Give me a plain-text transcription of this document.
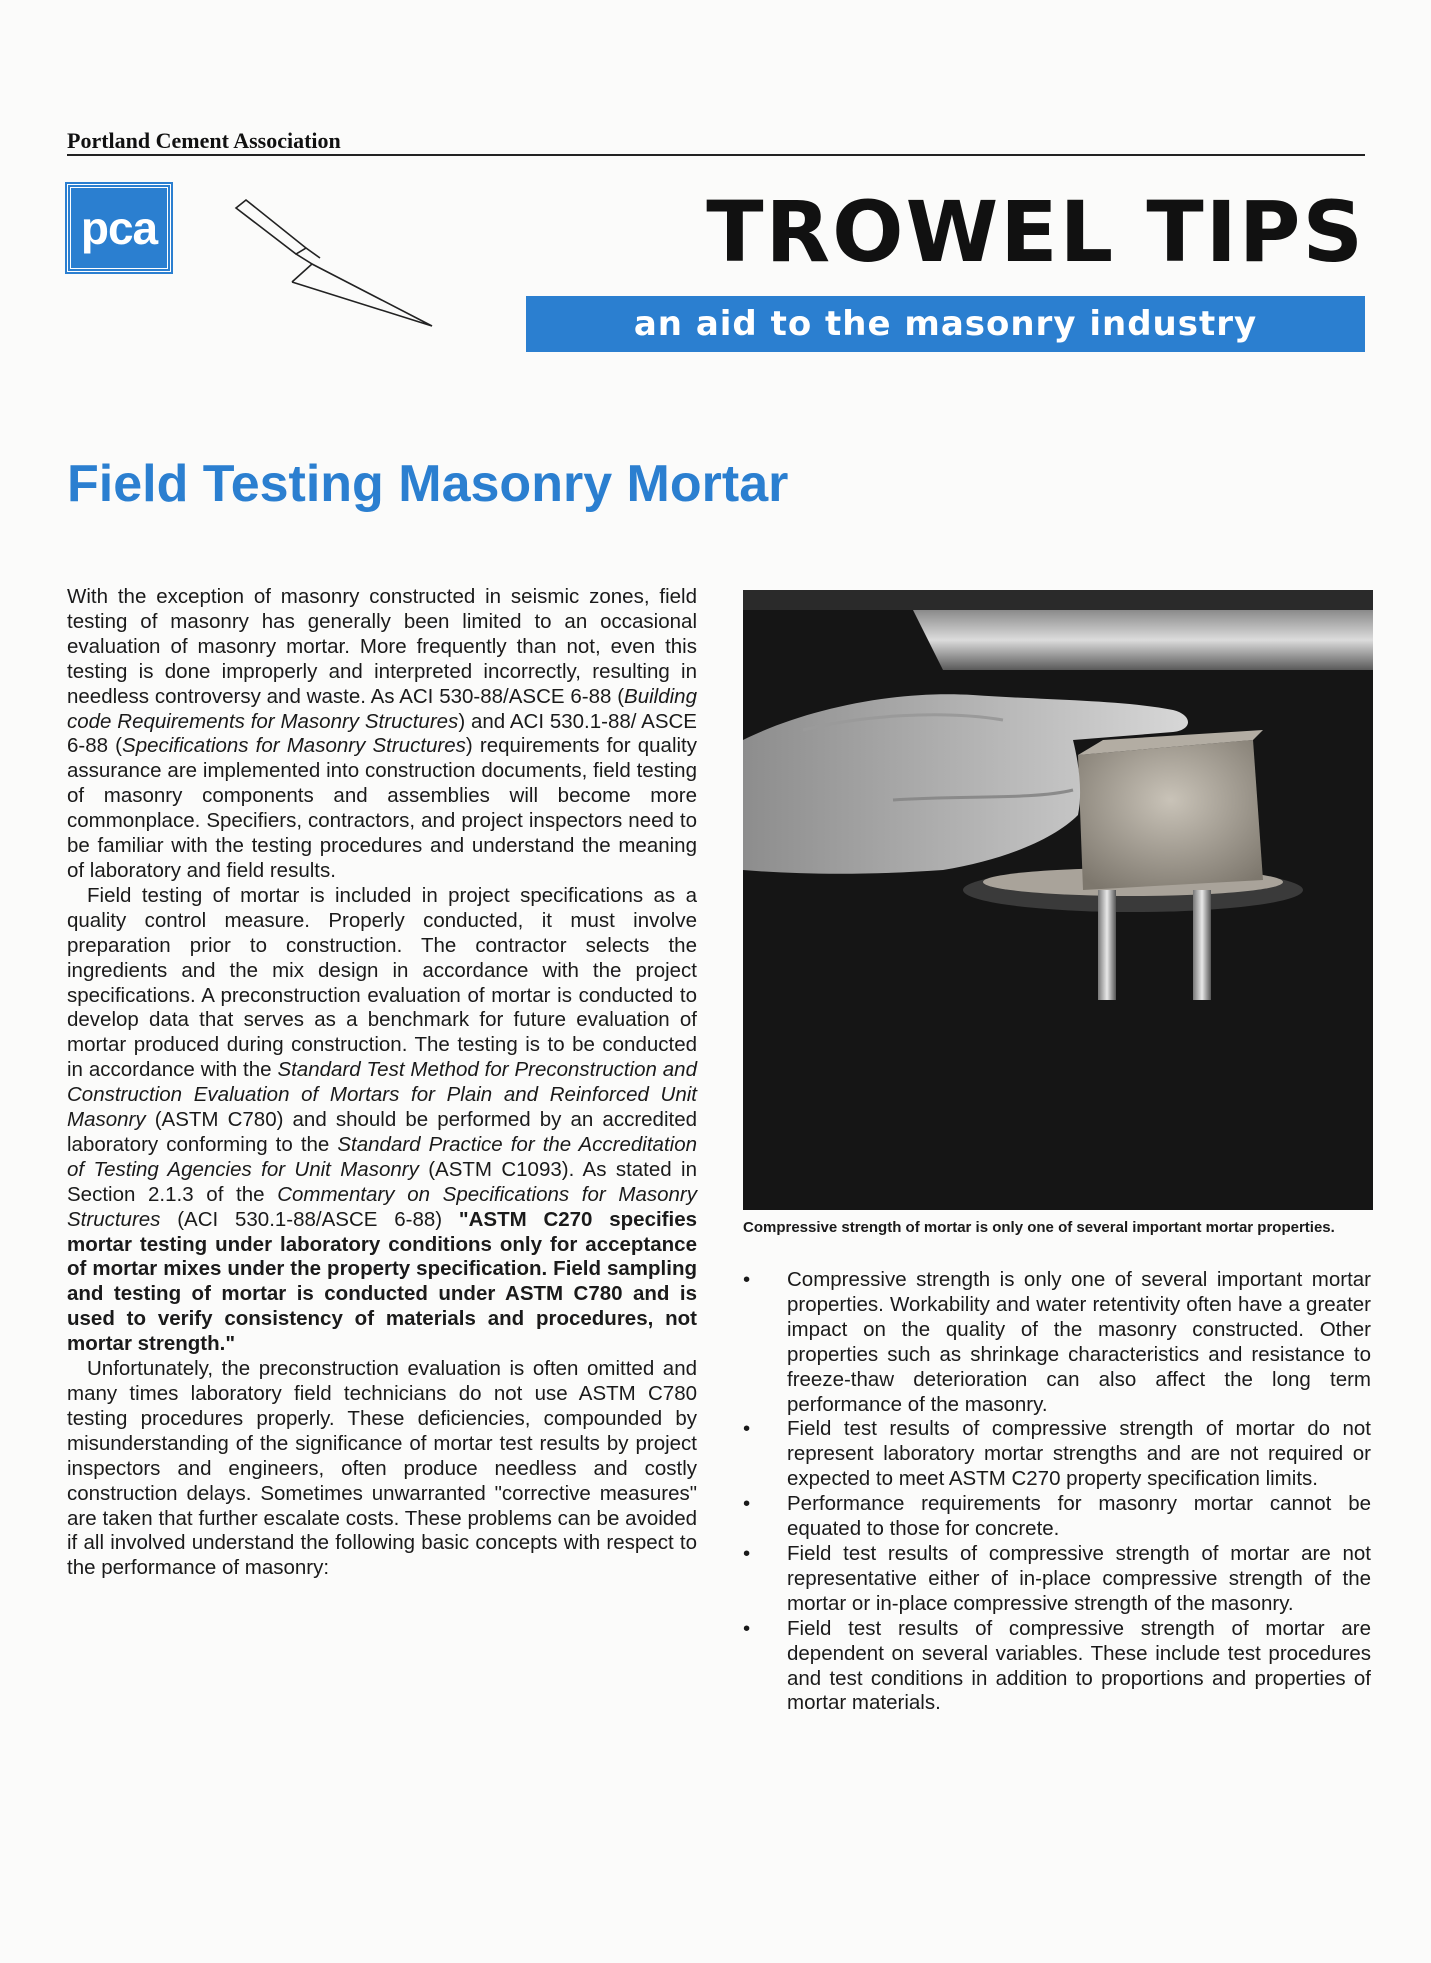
Portland Cement Association
pca	TROWEL TIPS
an aid to the masonry industry
Field Testing Masonry Mortar

With the exception of masonry constructed in seismic zones, field testing of masonry has generally been limited to an occasional evaluation of masonry mortar. More frequently than not, even this testing is done improperly and interpreted incorrectly, resulting in needless controversy and waste. As ACI 530-88/ASCE 6-88 (Building code Requirements for Masonry Structures) and ACI 530.1-88/ ASCE 6-88 (Specifications for Masonry Structures) requirements for quality assurance are implemented into construction documents, field testing of masonry components and assemblies will become more commonplace. Specifiers, contractors, and project inspectors need to be familiar with the testing procedures and understand the meaning of laboratory and field results.

Field testing of mortar is included in project specifications as a quality control measure. Properly conducted, it must involve preparation prior to construction. The contractor selects the ingredients and the mix design in accordance with the project specifications. A preconstruction evaluation of mortar is conducted to develop data that serves as a benchmark for future evaluation of mortar produced during construction. The testing is to be conducted in accordance with the Standard Test Method for Preconstruction and Construction Evaluation of Mortars for Plain and Reinforced Unit Masonry (ASTM C780) and should be performed by an accredited laboratory conforming to the Standard Practice for the Accreditation of Testing Agencies for Unit Masonry (ASTM C1093). As stated in Section 2.1.3 of the Commentary on Specifications for Masonry Structures (ACI 530.1-88/ASCE 6-88) "ASTM C270 specifies mortar testing under laboratory conditions only for acceptance of mortar mixes under the property specification. Field sampling and testing of mortar is conducted under ASTM C780 and is used to verify consistency of materials and procedures, not mortar strength."

Unfortunately, the preconstruction evaluation is often omitted and many times laboratory field technicians do not use ASTM C780 testing procedures properly. These deficiencies, compounded by misunderstanding of the significance of mortar test results by project inspectors and engineers, often produce needless and costly construction delays. Sometimes unwarranted "corrective measures" are taken that further escalate costs. These problems can be avoided if all involved understand the following basic concepts with respect to the performance of masonry:

Compressive strength of mortar is only one of several important mortar properties.
• Compressive strength is only one of several important mortar properties. Workability and water retentivity often have a greater impact on the quality of the masonry constructed. Other properties such as shrinkage characteristics and resistance to freeze-thaw deterioration can also affect the long term performance of the masonry.
• Field test results of compressive strength of mortar do not represent laboratory mortar strengths and are not required or expected to meet ASTM C270 property specification limits.
• Performance requirements for masonry mortar cannot be equated to those for concrete.
• Field test results of compressive strength of mortar are not representative either of in-place compressive strength of the mortar or in-place compressive strength of the masonry.
• Field test results of compressive strength of mortar are dependent on several variables. These include test procedures and test conditions in addition to proportions and properties of mortar materials.
